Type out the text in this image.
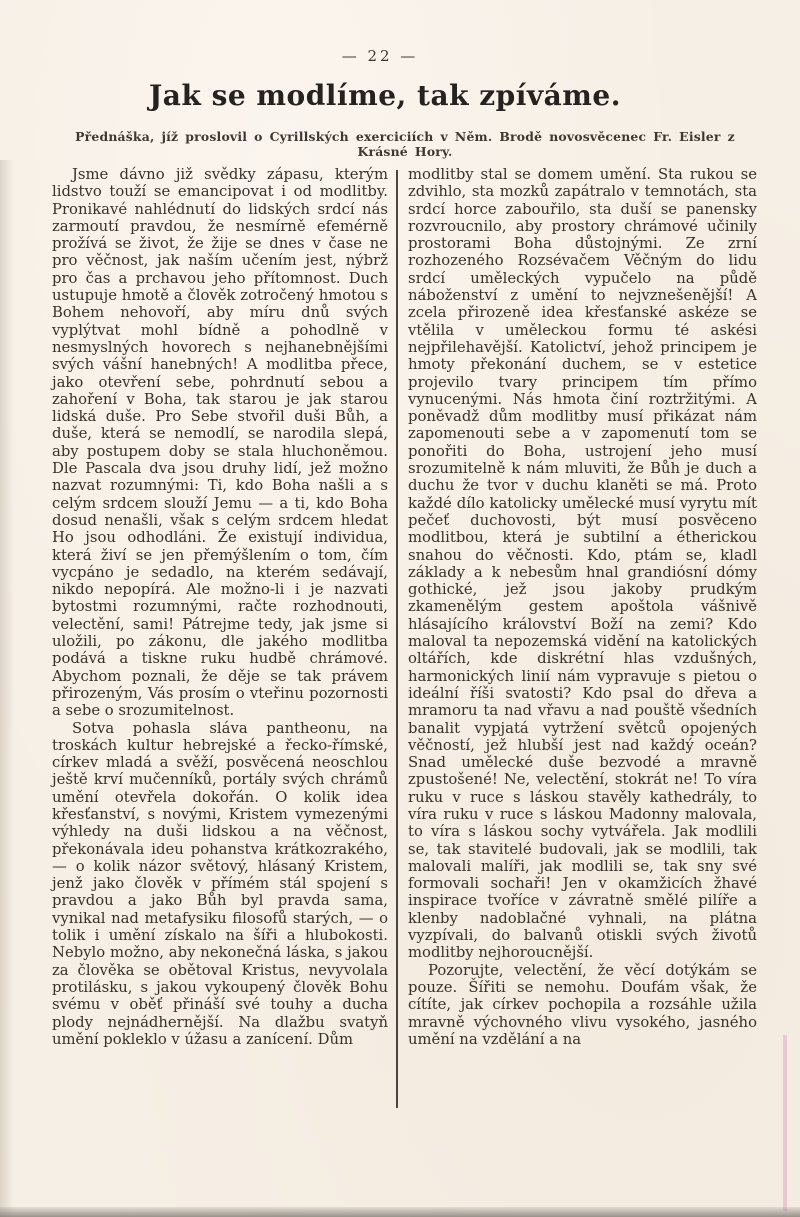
— 22 —
Jak se modlíme, tak zpíváme.
Přednáška, jíž proslovil o Cyrillských exerciciích v Něm. Brodě novosvěcenec Fr. Eisler z Krásné Hory.

Jsme dávno již svědky zápasu, kterým lidstvo touží se emancipovat i od modlitby. Pronikavé nahlédnutí do lidských srdcí nás zarmoutí pravdou, že nesmírně efemérně prožívá se život, že žije se dnes v čase ne pro věčnost, jak naším učením jest, nýbrž pro čas a prchavou jeho přítomnost. Duch ustupuje hmotě a člověk zotročený hmotou s Bohem nehovoří, aby míru dnů svých vyplýtvat mohl bídně a pohodlně v nesmyslných hovorech s nejhanebnějšími svých vášní hanebných! A modlitba přece, jako otevření sebe, pohrdnutí sebou a zahoření v Boha, tak starou je jak starou lidská duše. Pro Sebe stvořil duši Bůh, a duše, která se nemodlí, se narodila slepá, aby postupem doby se stala hluchoněmou. Dle Pascala dva jsou druhy lidí, jež možno nazvat rozumnými: Ti, kdo Boha našli a s celým srdcem slouží Jemu — a ti, kdo Boha dosud nenašli, však s celým srdcem hledat Ho jsou odhodláni. Že existují individua, která živí se jen přemýšlením o tom, čím vycpáno je sedadlo, na kterém sedávají, nikdo nepopírá. Ale možno-li i je nazvati bytostmi rozumnými, račte rozhodnouti, velectění, sami! Pátrejme tedy, jak jsme si uložili, po zákonu, dle jakého modlitba podává a tiskne ruku hudbě chrámové. Abychom poznali, že děje se tak právem přirozeným, Vás prosím o vteřinu pozornosti a sebe o srozumitelnost.

Sotva pohasla sláva pantheonu, na troskách kultur hebrejské a řecko-římské, církev mladá a svěží, posvěcená neoschlou ještě krví mučenníků, portály svých chrámů umění otevřela dokořán. O kolik idea křesťanství, s novými, Kristem vymezenými výhledy na duši lidskou a na věčnost, překonávala ideu pohanstva krátkozrakého, — o kolik názor světový, hlásaný Kristem, jenž jako člověk v přímém stál spojení s pravdou a jako Bůh byl pravda sama, vynikal nad metafysiku filosofů starých, — o tolik i umění získalo na šíři a hlubokosti. Nebylo možno, aby nekonečná láska, s jakou za člověka se obětoval Kristus, nevyvolala protilásku, s jakou vykoupený člověk Bohu svému v oběť přináší své touhy a ducha plody nejnádhernější. Na dlažbu svatyň umění pokleklo v úžasu a zanícení. Dům

modlitby stal se domem umění. Sta rukou se zdvihlo, sta mozků zapátralo v temnotách, sta srdcí horce zabouřilo, sta duší se panensky rozvroucnilo, aby prostory chrámové učinily prostorami Boha důstojnými. Ze zrní rozhozeného Rozsévačem Věčným do lidu srdcí uměleckých vypučelo na půdě náboženství z umění to nejvznešenější! A zcela přirozeně idea křesťanské askéze se vtělila v uměleckou formu té askési nejpřilehavější. Katolictví, jehož principem je hmoty překonání duchem, se v estetice projevilo tvary principem tím přímo vynucenými. Nás hmota činí roztržitými. A poněvadž dům modlitby musí přikázat nám zapomenouti sebe a v zapomenutí tom se ponořiti do Boha, ustrojení jeho musí srozumitelně k nám mluviti, že Bůh je duch a duchu že tvor v duchu klaněti se má. Proto každé dílo katolicky umělecké musí vyrytu mít pečeť duchovosti, být musí posvěceno modlitbou, která je subtilní a étherickou snahou do věčnosti. Kdo, ptám se, kladl základy a k nebesům hnal grandiósní dómy gothické, jež jsou jakoby prudkým zkamenělým gestem apoštola vášnivě hlásajícího království Boží na zemi? Kdo maloval ta nepozemská vidění na katolických oltářích, kde diskrétní hlas vzdušných, harmonických linií nám vypravuje s pietou o ideální říši svatosti? Kdo psal do dřeva a mramoru ta nad vřavu a nad pouště všedních banalit vypjatá vytržení světců opojených věčností, jež hlubší jest nad každý oceán? Snad umělecké duše bezvodé a mravně zpustošené! Ne, velectění, stokrát ne! To víra ruku v ruce s láskou stavěly kathedrály, to víra ruku v ruce s láskou Madonny malovala, to víra s láskou sochy vytvářela. Jak modlili se, tak stavitelé budovali, jak se modlili, tak malovali malíři, jak modlili se, tak sny své formovali sochaři! Jen v okamžicích žhavé inspirace tvoříce v závratně smělé pilíře a klenby nadoblačné vyhnali, na plátna vyzpívali, do balvanů otiskli svých životů modlitby nejhoroucnější.

Pozorujte, velectění, že věcí dotýkám se pouze. Šířiti se nemohu. Doufám však, že cítíte, jak církev pochopila a rozsáhle užila mravně výchovného vlivu vysokého, jasného umění na vzdělání a na
